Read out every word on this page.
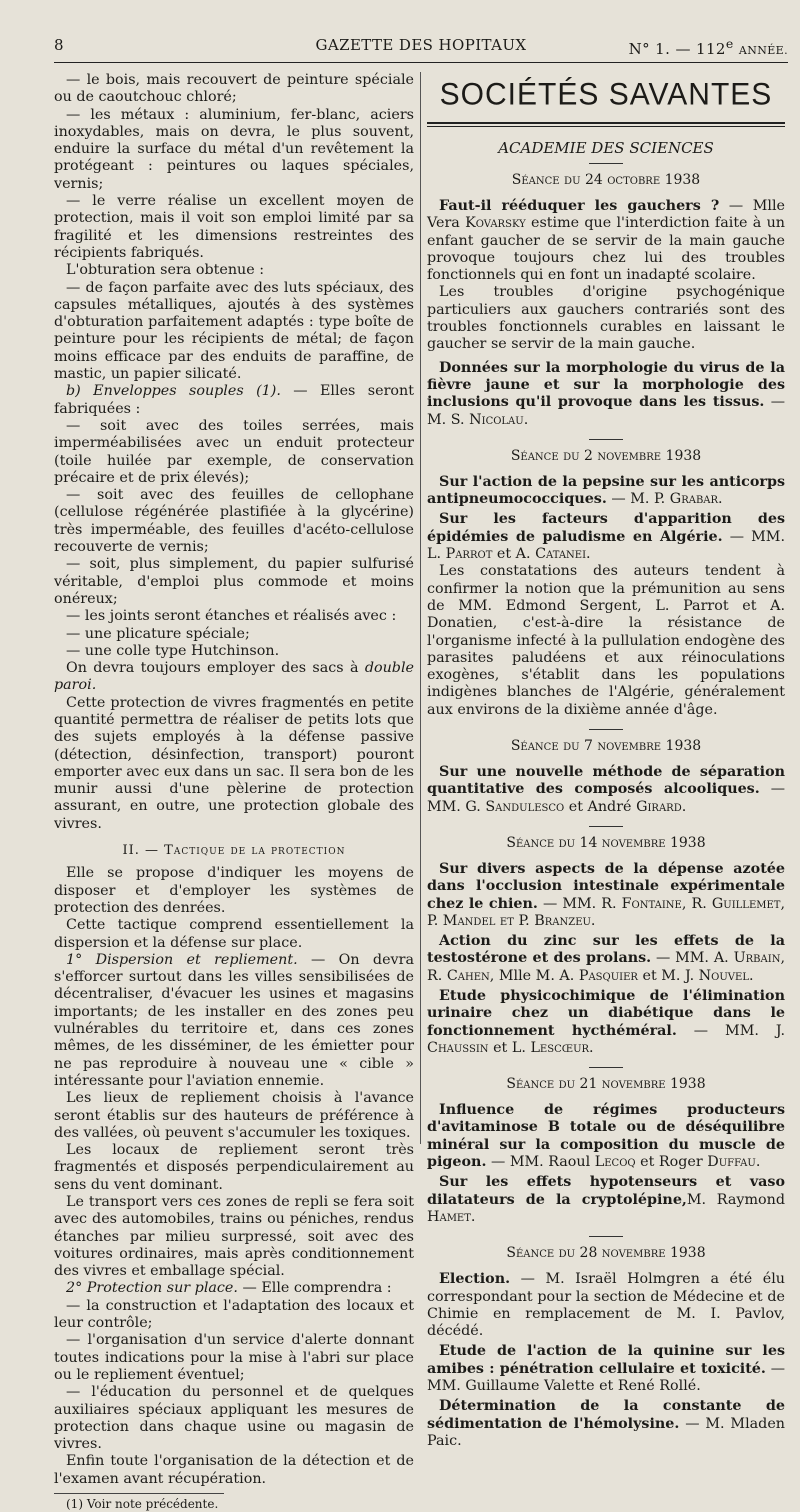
8	GAZETTE DES HOPITAUX	N° 1. — 112e ANNÉE.

— le bois, mais recouvert de peinture spéciale ou de caoutchouc chloré;

— les métaux : aluminium, fer-blanc, aciers inoxydables, mais on devra, le plus souvent, enduire la surface du métal d'un revêtement la protégeant : peintures ou laques spéciales, vernis;

— le verre réalise un excellent moyen de protection, mais il voit son emploi limité par sa fragilité et les dimensions restreintes des récipients fabriqués.

L'obturation sera obtenue :

— de façon parfaite avec des luts spéciaux, des capsules métalliques, ajoutés à des systèmes d'obturation parfaitement adaptés : type boîte de peinture pour les récipients de métal; de façon moins efficace par des enduits de paraffine, de mastic, un papier silicaté.

b) Enveloppes souples (1). — Elles seront fabriquées :

— soit avec des toiles serrées, mais imperméabilisées avec un enduit protecteur (toile huilée par exemple, de conservation précaire et de prix élevés);

— soit avec des feuilles de cellophane (cellulose régénérée plastifiée à la glycérine) très imperméable, des feuilles d'acéto-cellulose recouverte de vernis;

— soit, plus simplement, du papier sulfurisé véritable, d'emploi plus commode et moins onéreux;

— les joints seront étanches et réalisés avec :

— une plicature spéciale;

— une colle type Hutchinson.

On devra toujours employer des sacs à double paroi.

Cette protection de vivres fragmentés en petite quantité permettra de réaliser de petits lots que des sujets employés à la défense passive (détection, désinfection, transport) pouront emporter avec eux dans un sac. Il sera bon de les munir aussi d'une pèlerine de protection assurant, en outre, une protection globale des vivres.

II. — Tactique de la protection

Elle se propose d'indiquer les moyens de disposer et d'employer les systèmes de protection des denrées.

Cette tactique comprend essentiellement la dispersion et la défense sur place.

1° Dispersion et repliement. — On devra s'efforcer surtout dans les villes sensibilisées de décentraliser, d'évacuer les usines et magasins importants; de les installer en des zones peu vulnérables du territoire et, dans ces zones mêmes, de les disséminer, de les émietter pour ne pas reproduire à nouveau une « cible » intéressante pour l'aviation ennemie.

Les lieux de repliement choisis à l'avance seront établis sur des hauteurs de préférence à des vallées, où peuvent s'accumuler les toxiques.

Les locaux de repliement seront très fragmentés et disposés perpendiculairement au sens du vent dominant.

Le transport vers ces zones de repli se fera soit avec des automobiles, trains ou péniches, rendus étanches par milieu surpressé, soit avec des voitures ordinaires, mais après conditionnement des vivres et emballage spécial.

2° Protection sur place. — Elle comprendra :

— la construction et l'adaptation des locaux et leur contrôle;

— l'organisation d'un service d'alerte donnant toutes indications pour la mise à l'abri sur place ou le repliement éventuel;

— l'éducation du personnel et de quelques auxiliaires spéciaux appliquant les mesures de protection dans chaque usine ou magasin de vivres.

Enfin toute l'organisation de la détection et de l'examen avant récupération.

(1) Voir note précédente.

SOCIÉTÉS SAVANTES
ACADEMIE DES SCIENCES
Séance du 24 octobre 1938

Faut-il rééduquer les gauchers ? — Mlle Vera Kovarsky estime que l'interdiction faite à un enfant gaucher de se servir de la main gauche provoque toujours chez lui des troubles fonctionnels qui en font un inadapté scolaire.

Les troubles d'origine psychogénique particuliers aux gauchers contrariés sont des troubles fonctionnels curables en laissant le gaucher se servir de la main gauche.

Données sur la morphologie du virus de la fièvre jaune et sur la morphologie des inclusions qu'il provoque dans les tissus. — M. S. Nicolau.

Séance du 2 novembre 1938

Sur l'action de la pepsine sur les anticorps antipneumococciques. — M. P. Grabar.

Sur les facteurs d'apparition des épidémies de paludisme en Algérie. — MM. L. Parrot et A. Catanei.

Les constatations des auteurs tendent à confirmer la notion que la prémunition au sens de MM. Edmond Sergent, L. Parrot et A. Donatien, c'est-à-dire la résistance de l'organisme infecté à la pullulation endogène des parasites paludéens et aux réinoculations exogènes, s'établit dans les populations indigènes blanches de l'Algérie, généralement aux environs de la dixième année d'âge.

Séance du 7 novembre 1938

Sur une nouvelle méthode de séparation quantitative des composés alcooliques. — MM. G. Sandulesco et André Girard.

Séance du 14 novembre 1938

Sur divers aspects de la dépense azotée dans l'occlusion intestinale expérimentale chez le chien. — MM. R. Fontaine, R. Guillemet, P. Mandel et P. Branzeu.

Action du zinc sur les effets de la testostérone et des prolans. — MM. A. Urbain, R. Cahen, Mlle M. A. Pasquier et M. J. Nouvel.

Etude physicochimique de l'élimination urinaire chez un diabétique dans le fonctionnement hycthéméral. — MM. J. Chaussin et L. Lescœur.

Séance du 21 novembre 1938

Influence de régimes producteurs d'avitaminose B totale ou de déséquilibre minéral sur la composition du muscle de pigeon. — MM. Raoul Lecoq et Roger Duffau.

Sur les effets hypotenseurs et vaso dilatateurs de la cryptolépine,M. Raymond Hamet.

Séance du 28 novembre 1938

Election. — M. Israël Holmgren a été élu correspondant pour la section de Médecine et de Chimie en remplacement de M. I. Pavlov, décédé.

Etude de l'action de la quinine sur les amibes : pénétration cellulaire et toxicité. — MM. Guillaume Valette et René Rollé.

Détermination de la constante de sédimentation de l'hémolysine. — M. Mladen Paic.
